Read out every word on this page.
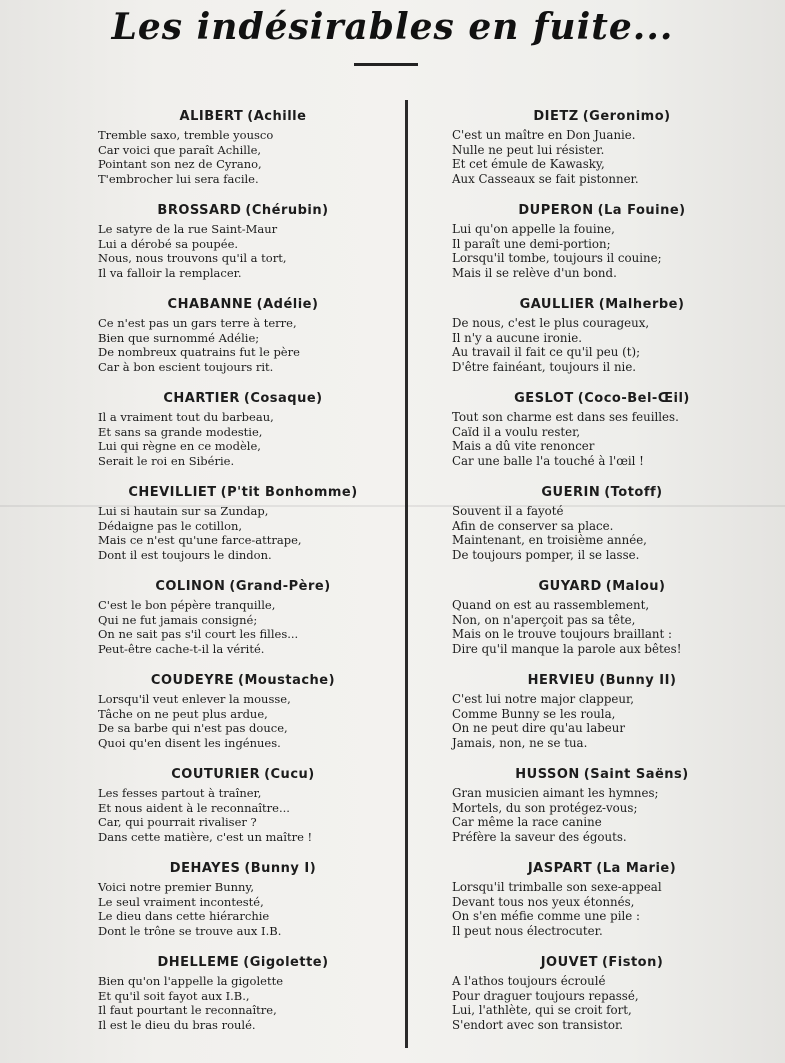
Les indésirables en fuite...
ALIBERT (Achille
Tremble saxo, tremble yousco
Car voici que paraît Achille,
Pointant son nez de Cyrano,
T'embrocher lui sera facile.
BROSSARD (Chérubin)
Le satyre de la rue Saint-Maur
Lui a dérobé sa poupée.
Nous, nous trouvons qu'il a tort,
Il va falloir la remplacer.
CHABANNE (Adélie)
Ce n'est pas un gars terre à terre,
Bien que surnommé Adélie;
De nombreux quatrains fut le père
Car à bon escient toujours rit.
CHARTIER (Cosaque)
Il a vraiment tout du barbeau,
Et sans sa grande modestie,
Lui qui règne en ce modèle,
Serait le roi en Sibérie.
CHEVILLIET (P'tit Bonhomme)
Lui si hautain sur sa Zundap,
Dédaigne pas le cotillon,
Mais ce n'est qu'une farce-attrape,
Dont il est toujours le dindon.
COLINON (Grand-Père)
C'est le bon pépère tranquille,
Qui ne fut jamais consigné;
On ne sait pas s'il court les filles...
Peut-être cache-t-il la vérité.
COUDEYRE (Moustache)
Lorsqu'il veut enlever la mousse,
Tâche on ne peut plus ardue,
De sa barbe qui n'est pas douce,
Quoi qu'en disent les ingénues.
COUTURIER (Cucu)
Les fesses partout à traîner,
Et nous aident à le reconnaître...
Car, qui pourrait rivaliser ?
Dans cette matière, c'est un maître !
DEHAYES (Bunny I)
Voici notre premier Bunny,
Le seul vraiment incontesté,
Le dieu dans cette hiérarchie
Dont le trône se trouve aux I.B.
DHELLEME (Gigolette)
Bien qu'on l'appelle la gigolette
Et qu'il soit fayot aux I.B.,
Il faut pourtant le reconnaître,
Il est le dieu du bras roulé.
DIETZ (Geronimo)
C'est un maître en Don Juanie.
Nulle ne peut lui résister.
Et cet émule de Kawasky,
Aux Casseaux se fait pistonner.
DUPERON (La Fouine)
Lui qu'on appelle la fouine,
Il paraît une demi-portion;
Lorsqu'il tombe, toujours il couine;
Mais il se relève d'un bond.
GAULLIER (Malherbe)
De nous, c'est le plus courageux,
Il n'y a aucune ironie.
Au travail il fait ce qu'il peu (t);
D'être fainéant, toujours il nie.
GESLOT (Coco-Bel-Œil)
Tout son charme est dans ses feuilles.
Caïd il a voulu rester,
Mais a dû vite renoncer
Car une balle l'a touché à l'œil !
GUERIN (Totoff)
Souvent il a fayoté
Afin de conserver sa place.
Maintenant, en troisième année,
De toujours pomper, il se lasse.
GUYARD (Malou)
Quand on est au rassemblement,
Non, on n'aperçoit pas sa tête,
Mais on le trouve toujours braillant :
Dire qu'il manque la parole aux bêtes!
HERVIEU (Bunny II)
C'est lui notre major clappeur,
Comme Bunny se les roula,
On ne peut dire qu'au labeur
Jamais, non, ne se tua.
HUSSON (Saint Saëns)
Gran musicien aimant les hymnes;
Mortels, du son protégez-vous;
Car même la race canine
Préfère la saveur des égouts.
JASPART (La Marie)
Lorsqu'il trimballe son sexe-appeal
Devant tous nos yeux étonnés,
On s'en méfie comme une pile :
Il peut nous électrocuter.
JOUVET (Fiston)
A l'athos toujours écroulé
Pour draguer toujours repassé,
Lui, l'athlète, qui se croit fort,
S'endort avec son transistor.
